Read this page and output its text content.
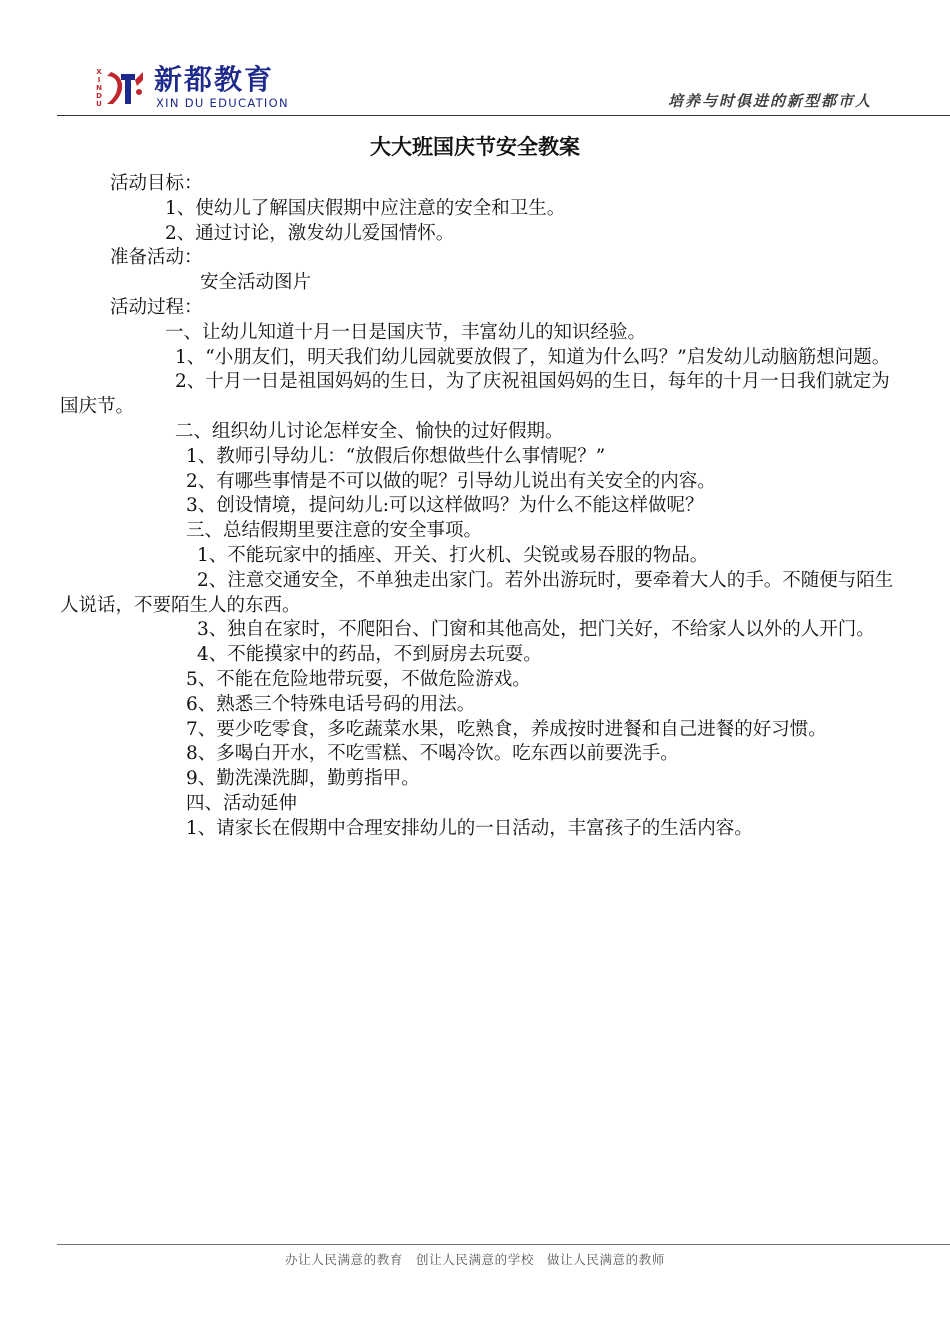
X
I
N
D
U
新都教育
XIN DU EDUCATION	培养与时俱进的新型都市人
大大班国庆节安全教案

活动目标：

1、使幼儿了解国庆假期中应注意的安全和卫生。

2、通过讨论，激发幼儿爱国情怀。

准备活动：

安全活动图片

活动过程：

一、让幼儿知道十月一日是国庆节，丰富幼儿的知识经验。

1、“小朋友们，明天我们幼儿园就要放假了，知道为什么吗？”启发幼儿动脑筋想问题。

2、十月一日是祖国妈妈的生日，为了庆祝祖国妈妈的生日，每年的十月一日我们就定为国庆节。

二、组织幼儿讨论怎样安全、愉快的过好假期。

1、教师引导幼儿：“放假后你想做些什么事情呢？”

2、有哪些事情是不可以做的呢？引导幼儿说出有关安全的内容。

3、创设情境，提问幼儿:可以这样做吗？为什么不能这样做呢？

三、总结假期里要注意的安全事项。

1、不能玩家中的插座、开关、打火机、尖锐或易吞服的物品。

2、注意交通安全，不单独走出家门。若外出游玩时，要牵着大人的手。不随便与陌生人说话，不要陌生人的东西。

3、独自在家时，不爬阳台、门窗和其他高处，把门关好，不给家人以外的人开门。

4、不能摸家中的药品，不到厨房去玩耍。

5、不能在危险地带玩耍，不做危险游戏。

6、熟悉三个特殊电话号码的用法。

7、要少吃零食，多吃蔬菜水果，吃熟食，养成按时进餐和自己进餐的好习惯。

8、多喝白开水，不吃雪糕、不喝冷饮。吃东西以前要洗手。

9、勤洗澡洗脚，勤剪指甲。

四、活动延伸

1、请家长在假期中合理安排幼儿的一日活动，丰富孩子的生活内容。

办让人民满意的教育　创让人民满意的学校　做让人民满意的教师
